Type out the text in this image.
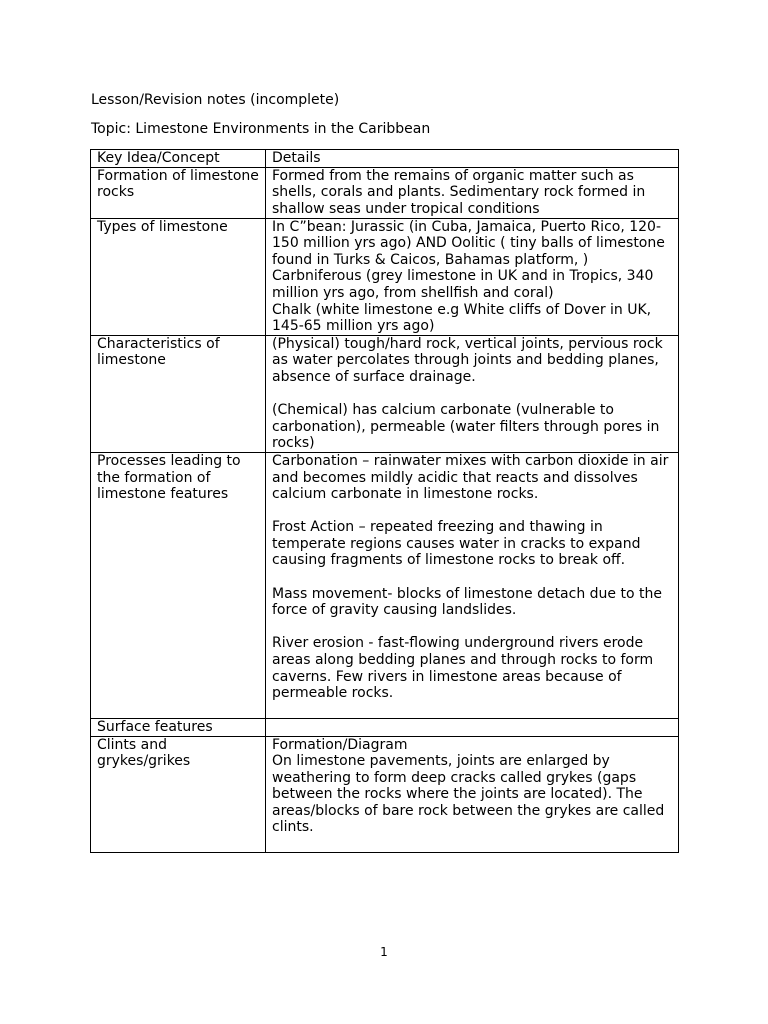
Lesson/Revision notes (incomplete)

Topic: Limestone Environments in the Caribbean

Key Idea/Concept	Details
Formation of limestone rocks	Formed from the remains of organic matter such as shells, corals and plants. Sedimentary rock formed in shallow seas under tropical conditions
Types of limestone	In C”bean: Jurassic (in Cuba, Jamaica, Puerto Rico, 120-150 million yrs ago) AND Oolitic ( tiny balls of limestone found in Turks & Caicos, Bahamas platform, )
Carbniferous (grey limestone in UK and in Tropics, 340 million yrs ago, from shellfish and coral)
Chalk (white limestone e.g White cliffs of Dover in UK, 145-65 million yrs ago)
Characteristics of limestone	(Physical) tough/hard rock, vertical joints, pervious rock as water percolates through joints and bedding planes, absence of surface drainage.

(Chemical) has calcium carbonate (vulnerable to carbonation), permeable (water filters through pores in rocks)
Processes leading to the formation of limestone features	Carbonation – rainwater mixes with carbon dioxide in air and becomes mildly acidic that reacts and dissolves calcium carbonate in limestone rocks.

Frost Action – repeated freezing and thawing in temperate regions causes water in cracks to expand causing fragments of limestone rocks to break off.

Mass movement- blocks of limestone detach due to the force of gravity causing landslides.

River erosion - fast-flowing underground rivers erode areas along bedding planes and through rocks to form caverns. Few rivers in limestone areas because of permeable rocks.
Surface features	
Clints and grykes/grikes	Formation/Diagram
On limestone pavements, joints are enlarged by weathering to form deep cracks called grykes (gaps between the rocks where the joints are located). The areas/blocks of bare rock between the grykes are called clints.
1
